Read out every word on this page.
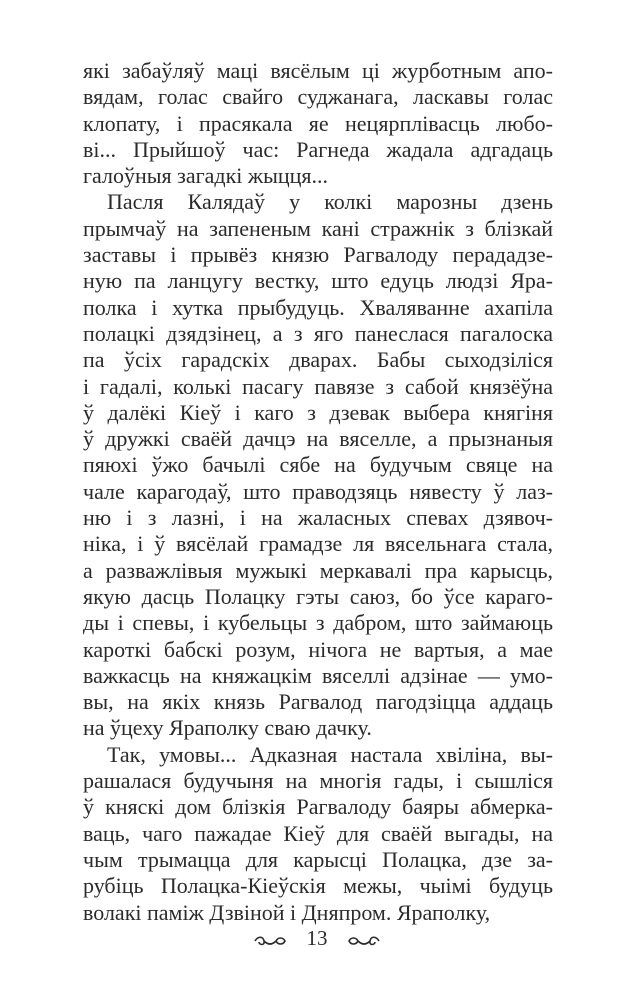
які забаўляў маці вясёлым ці журботным апо-
вядам, голас свайго суджанага, ласкавы голас
клопату, і прасякала яе нецярплівасць любо-
ві... Прыйшоў час: Рагнеда жадала адгадаць
галоўныя загадкі жыцця...
Пасля Калядаў у колкі марозны дзень
прымчаў на запененым кані стражнік з блізкай
заставы і прывёз князю Рагвалоду перададзе-
ную па ланцугу вестку, што едуць людзі Яра-
полка і хутка прыбудуць. Хваляванне ахапіла
полацкі дзядзінец, а з яго панеслася пагалоска
па ўсіх гарадскіх дварах. Бабы сыходзіліся
і гадалі, колькі пасагу павязе з сабой князёўна
ў далёкі Кіеў і каго з дзевак выбера княгіня
ў дружкі сваёй дачцэ на вяселле, а прызнаныя
пяюхі ўжо бачылі сябе на будучым свяце на
чале карагодаў, што праводзяць нявесту ў лаз-
ню і з лазні, і на жаласных спевах дзявоч-
ніка, і ў вясёлай грамадзе ля вясельнага стала,
а разважлівыя мужыкі меркавалі пра карысць,
якую дасць Полацку гэты саюз, бо ўсе караго-
ды і спевы, і кубельцы з дабром, што займаюць
кароткі бабскі розум, нічога не вартыя, а мае
важкасць на княжацкім вяселлі адзінае — умо-
вы, на якіх князь Рагвалод пагодзіцца аддаць
на ўцеху Яраполку сваю дачку.
Так, умовы... Адказная настала хвіліна, вы-
рашалася будучыня на многія гады, і сышліся
ў княскі дом блізкія Рагвалоду баяры абмерка-
ваць, чаго пажадае Кіеў для сваёй выгады, на
чым трымацца для карысці Полацка, дзе за-
рубіць Полацка-Кіеўскія межы, чыімі будуць
волакі паміж Дзвіной і Дняпром. Яраполку,
13
